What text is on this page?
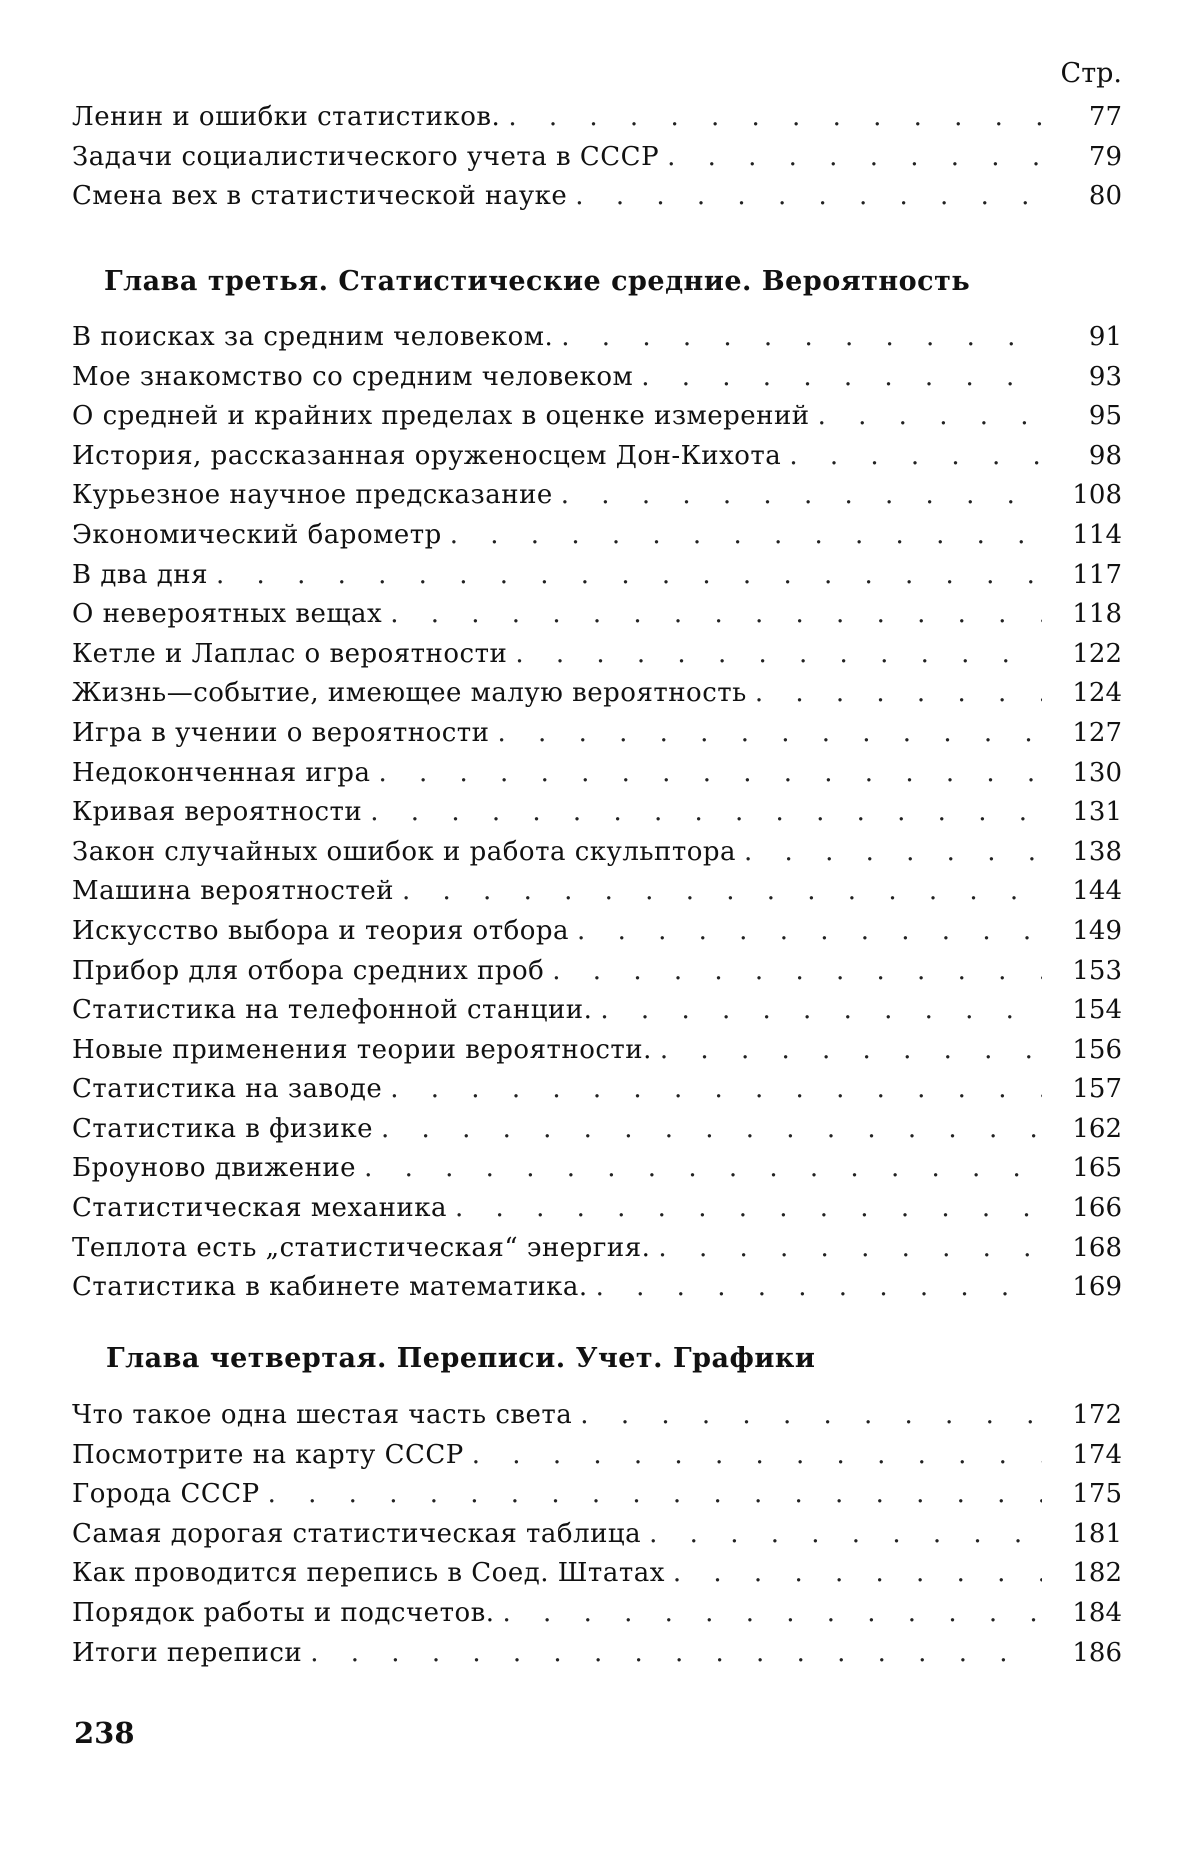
Стр.
Ленин и ошибки статистиков. . . .	77
Задачи социалистического учета в СССР . . .	79
Смена вех в статистической науке . . .	80
Глава третья. Статистические средние. Вероятность
В поисках за средним человеком. . . .	91
Мое знакомство со средним человеком . . .	93
О средней и крайних пределах в оценке измерений . . .	95
История, рассказанная оруженосцем Дон-Кихота . . .	98
Курьезное научное предсказание . . .	108
Экономический барометр . . .	114
В два дня . . .	117
О невероятных вещах . . .	118
Кетле и Лаплас о вероятности . . .	122
Жизнь—событие, имеющее малую вероятность . . .	124
Игра в учении о вероятности . . .	127
Недоконченная игра . . .	130
Кривая вероятности . . .	131
Закон случайных ошибок и работа скульптора . . .	138
Машина вероятностей . . .	144
Искусство выбора и теория отбора . . .	149
Прибор для отбора средних проб . . .	153
Статистика на телефонной станции. . . .	154
Новые применения теории вероятности. . . .	156
Статистика на заводе . . .	157
Статистика в физике . . .	162
Броуново движение . . .	165
Статистическая механика . . .	166
Теплота есть „статистическая“ энергия. . . .	168
Статистика в кабинете математика. . . .	169
Глава четвертая. Переписи. Учет. Графики
Что такое одна шестая часть света . . .	172
Посмотрите на карту СССР . . .	174
Города СССР . . .	175
Самая дорогая статистическая таблица . . .	181
Как проводится перепись в Соед. Штатах . . .	182
Порядок работы и подсчетов. . . .	184
Итоги переписи . . .	186
238
